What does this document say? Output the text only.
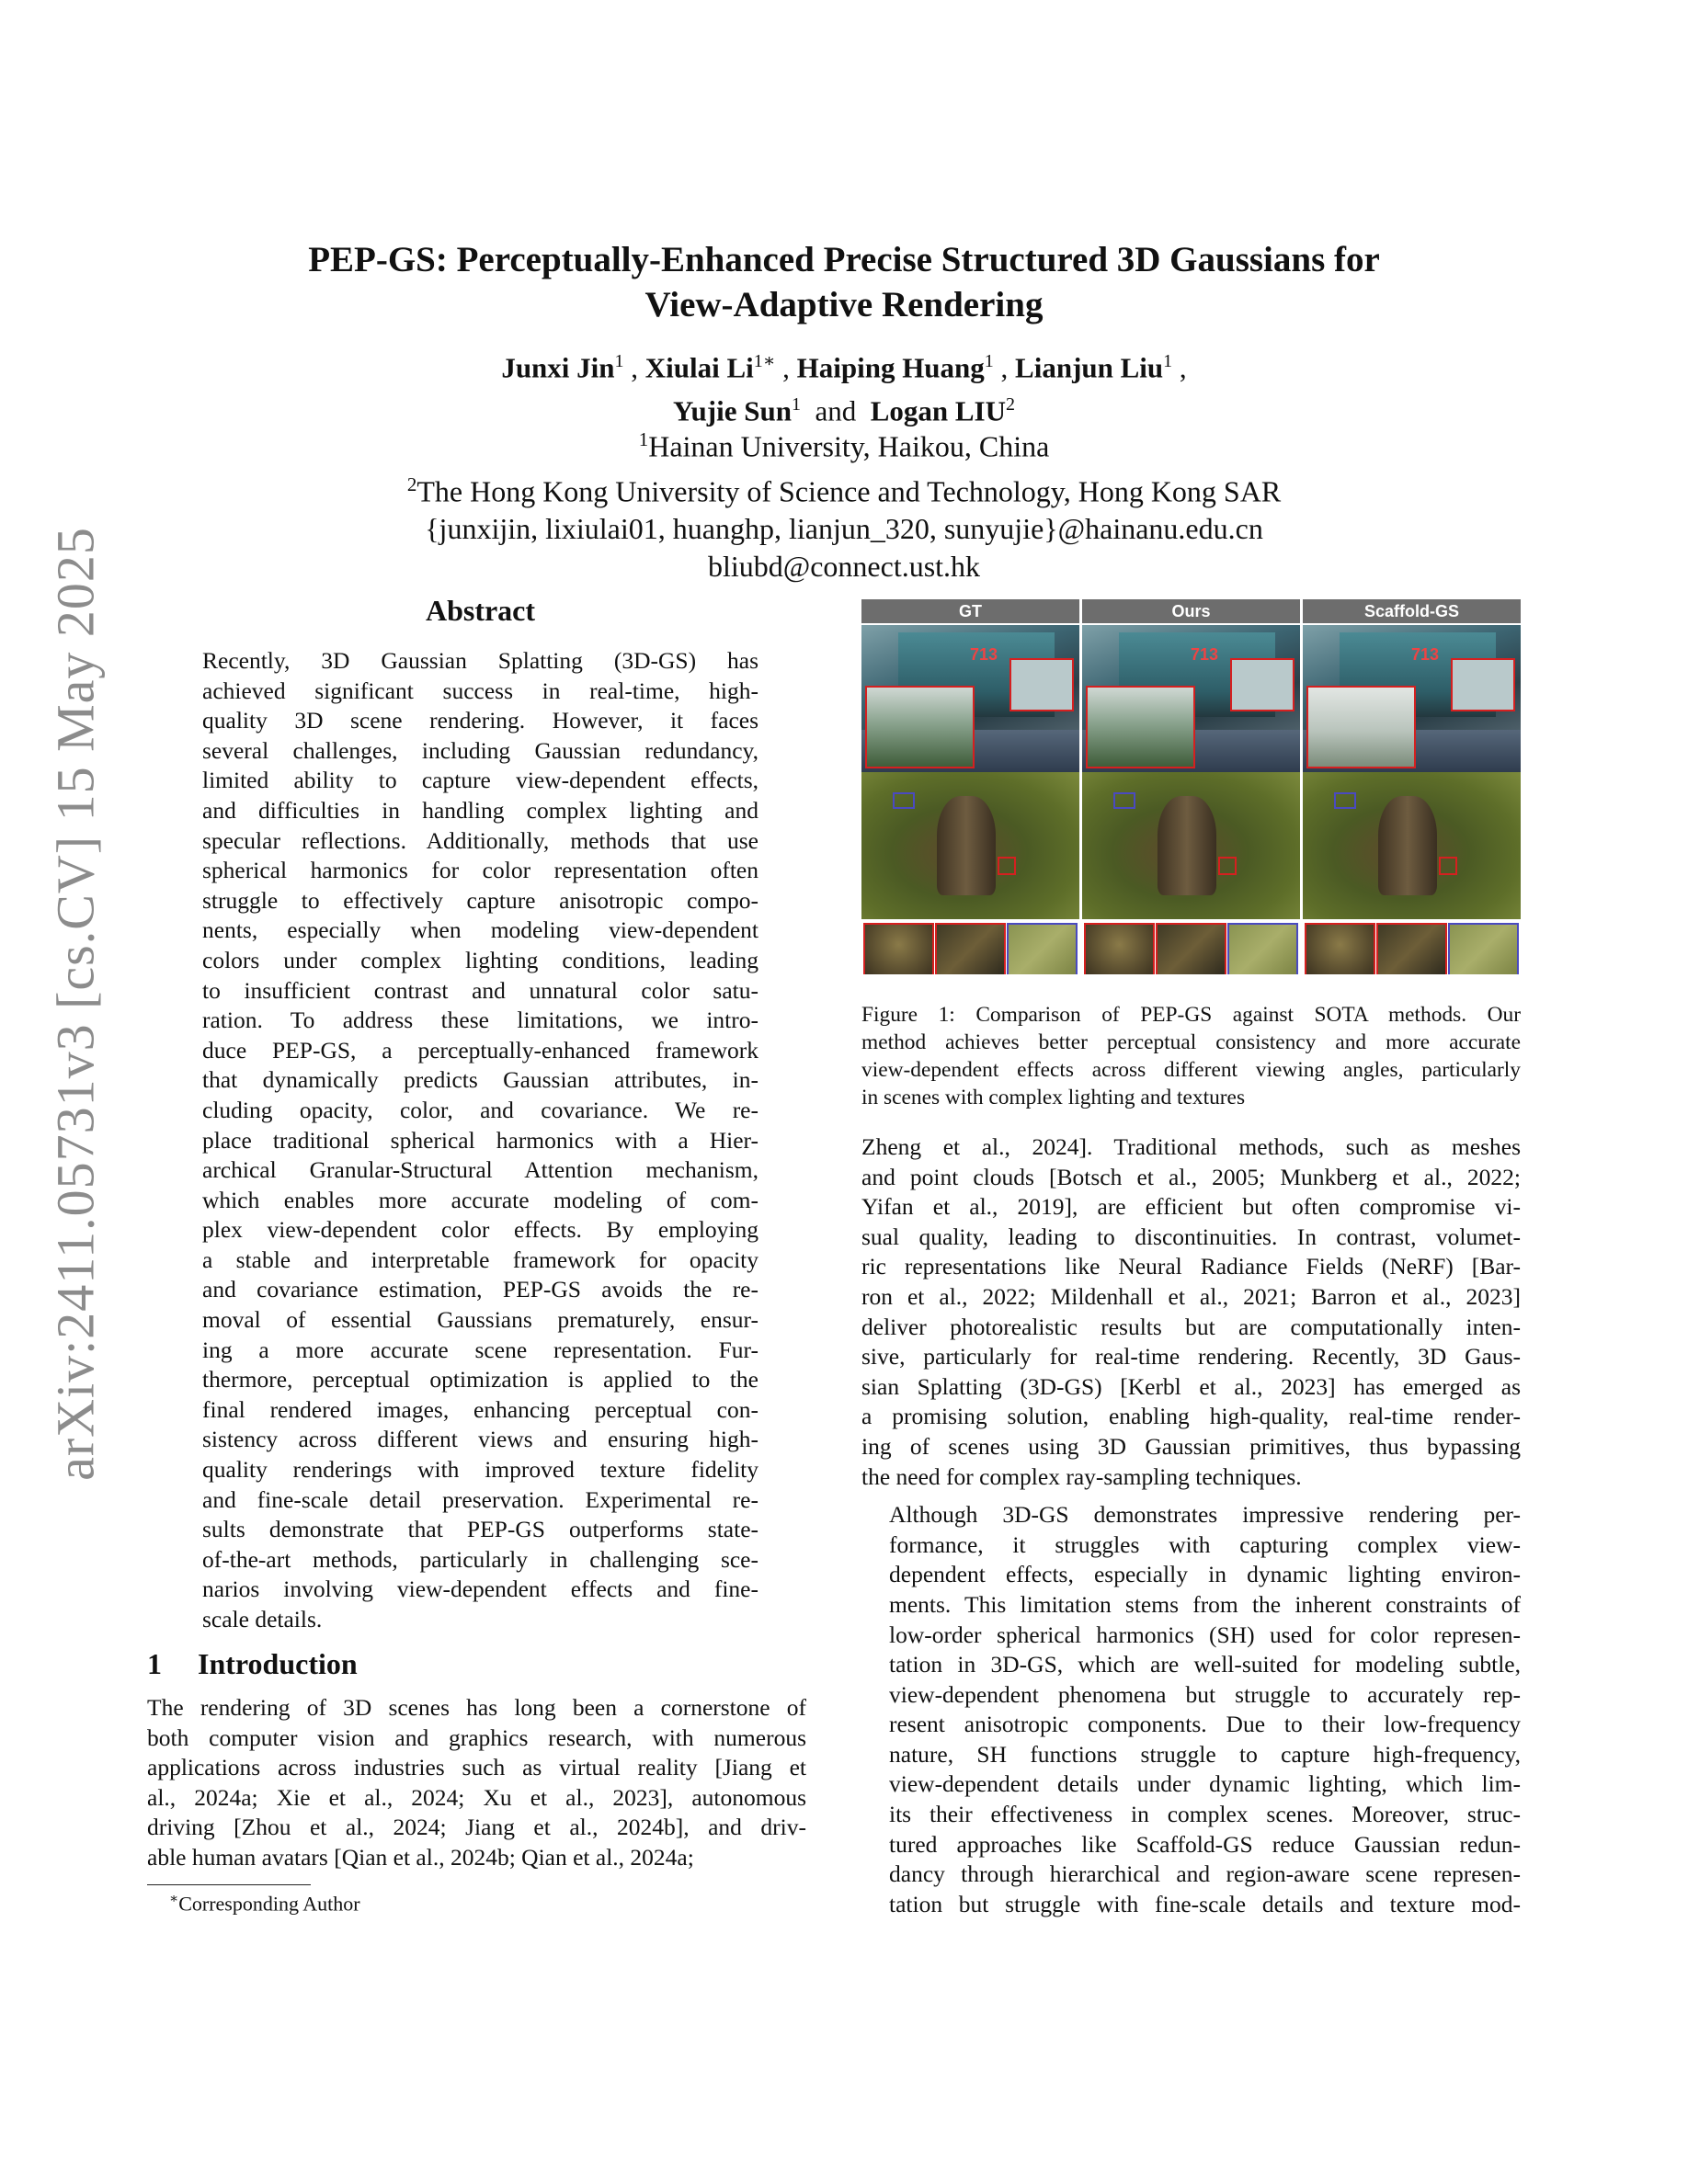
PEP-GS: Perceptually-Enhanced Precise Structured 3D Gaussians for
View-Adaptive Rendering
Junxi Jin$^1$ , Xiulai $Li^{1∗}$ , Haiping Huang$^1$ , Lianjun Liu$^1$ ,
Yujie Sun$^1$ and Logan LIU$^2$
$^1$Hainan University, Haikou, China
$^2$The Hong Kong University of Science and Technology, Hong Kong SAR
{junxijin, lixiulai01, huanghp, lianjun_320, sunyujie}@hainanu.edu.cn
bliubd@connect.ust.hk
arXiv:2411.05731v3 [cs.CV] 15 May 2025	Abstract
Recently, 3D Gaussian Splatting (3D-GS) has
achieved significant success in real-time, high-
quality 3D scene rendering. However, it faces
several challenges, including Gaussian redundancy,
limited ability to capture view-dependent effects,
and difficulties in handling complex lighting and
specular reflections. Additionally, methods that use
spherical harmonics for color representation often
struggle to effectively capture anisotropic compo-
nents, especially when modeling view-dependent
colors under complex lighting conditions, leading
to insufficient contrast and unnatural color satu-
ration. To address these limitations, we intro-
duce PEP-GS, a perceptually-enhanced framework
that dynamically predicts Gaussian attributes, in-
cluding opacity, color, and covariance. We re-
place traditional spherical harmonics with a Hier-
archical Granular-Structural Attention mechanism,
which enables more accurate modeling of com-
plex view-dependent color effects. By employing
a stable and interpretable framework for opacity
and covariance estimation, PEP-GS avoids the re-
moval of essential Gaussians prematurely, ensur-
ing a more accurate scene representation. Fur-
thermore, perceptual optimization is applied to the
final rendered images, enhancing perceptual con-
sistency across different views and ensuring high-
quality renderings with improved texture fidelity
and fine-scale detail preservation. Experimental re-
sults demonstrate that PEP-GS outperforms state-
of-the-art methods, particularly in challenging sce-
narios involving view-dependent effects and fine-
scale details.
1 Introduction
The rendering of 3D scenes has long been a cornerstone of
both computer vision and graphics research, with numerous
applications across industries such as virtual reality [Jiang et
al., 2024a; Xie et al., 2024; Xu et al., 2023], autonomous
driving [Zhou et al., 2024; Jiang et al., 2024b], and driv-
able human avatars [Qian et al., 2024b; Qian et al., 2024a;
∗Corresponding Author
GT	Ours	Scaffold-GS
713	713	713
Figure 1: Comparison of PEP-GS against SOTA methods. Our
method achieves better perceptual consistency and more accurate
view-dependent effects across different viewing angles, particularly
in scenes with complex lighting and textures

Zheng et al., 2024]. Traditional methods, such as meshes
and point clouds [Botsch et al., 2005; Munkberg et al., 2022;
Yifan et al., 2019], are efficient but often compromise vi-
sual quality, leading to discontinuities. In contrast, volumet-
ric representations like Neural Radiance Fields (NeRF) [Bar-
ron et al., 2022; Mildenhall et al., 2021; Barron et al., 2023]
deliver photorealistic results but are computationally inten-
sive, particularly for real-time rendering. Recently, 3D Gaus-
sian Splatting (3D-GS) [Kerbl et al., 2023] has emerged as
a promising solution, enabling high-quality, real-time render-
ing of scenes using 3D Gaussian primitives, thus bypassing
the need for complex ray-sampling techniques.

Although 3D-GS demonstrates impressive rendering per-
formance, it struggles with capturing complex view-
dependent effects, especially in dynamic lighting environ-
ments. This limitation stems from the inherent constraints of
low-order spherical harmonics (SH) used for color represen-
tation in 3D-GS, which are well-suited for modeling subtle,
view-dependent phenomena but struggle to accurately rep-
resent anisotropic components. Due to their low-frequency
nature, SH functions struggle to capture high-frequency,
view-dependent details under dynamic lighting, which lim-
its their effectiveness in complex scenes. Moreover, struc-
tured approaches like Scaffold-GS reduce Gaussian redun-
dancy through hierarchical and region-aware scene represen-
tation but struggle with fine-scale details and texture mod-
